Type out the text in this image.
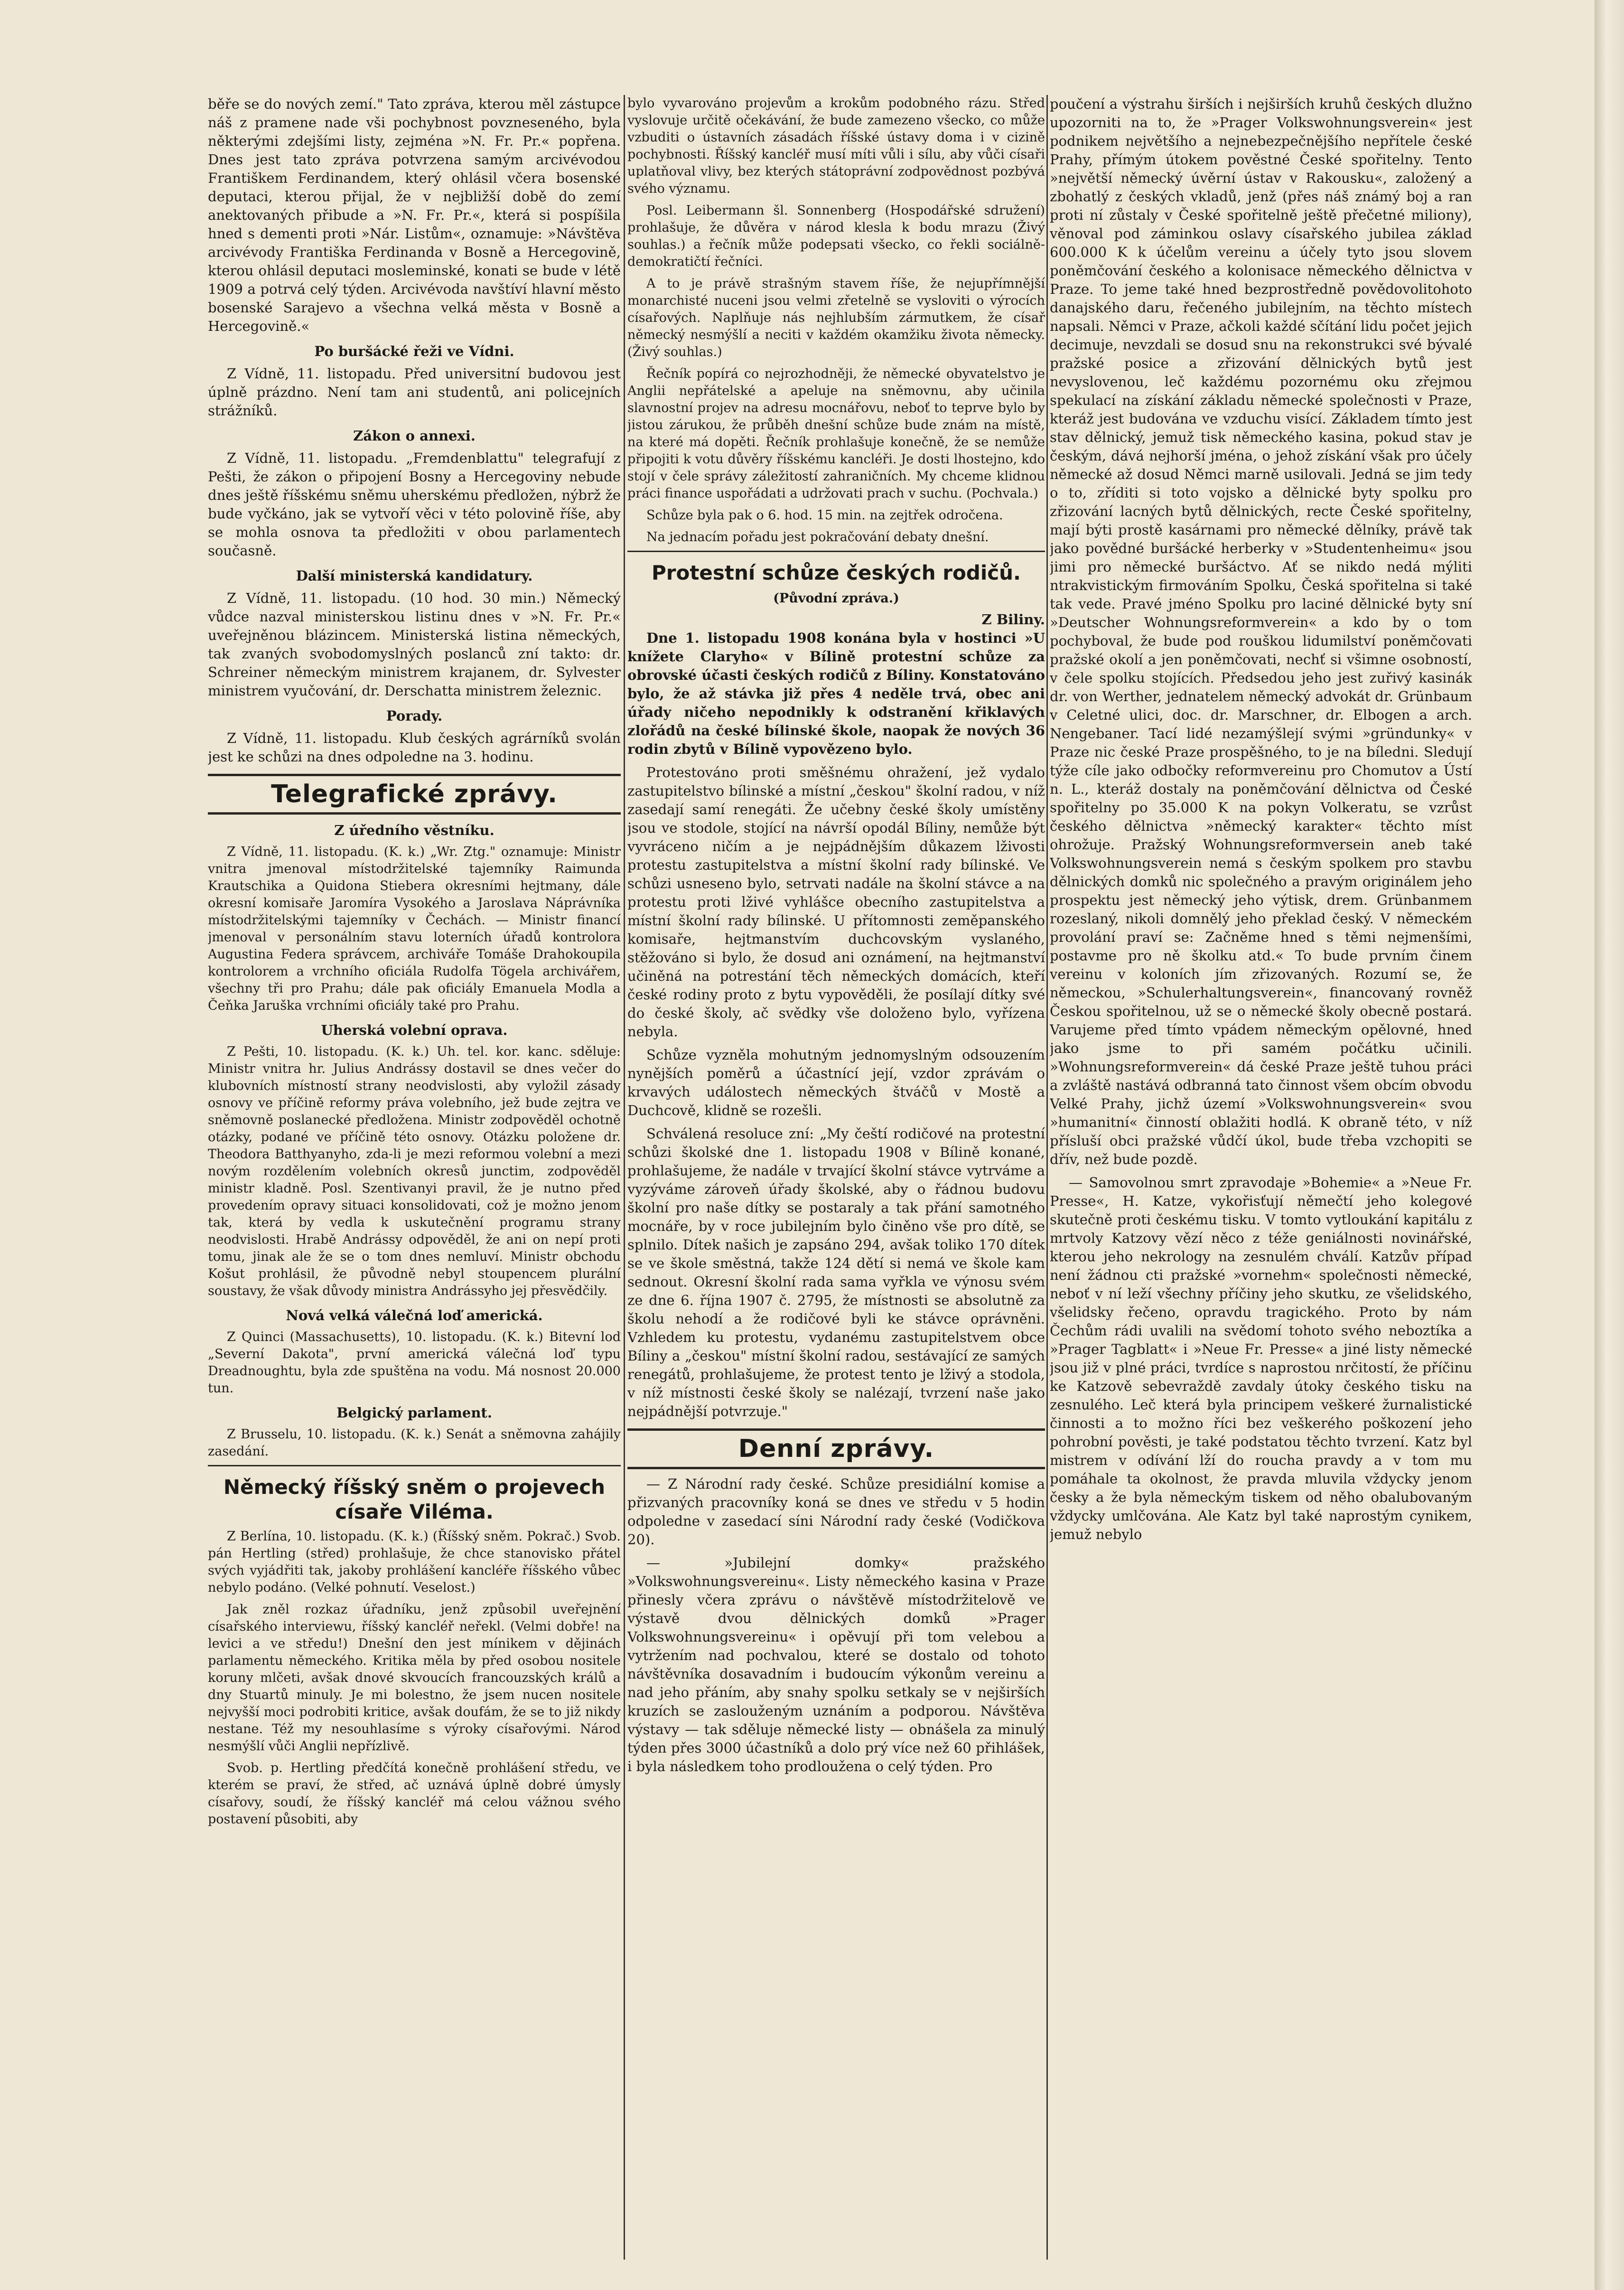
běře se do nových zemí." Tato zpráva, kterou měl zástupce náš z pramene nade vši pochybnost povzneseného, byla některými zdejšími listy, zejména »N. Fr. Pr.« popřena. Dnes jest tato zpráva potvrzena samým arcivévodou Františkem Ferdinandem, který ohlásil včera bosenské deputaci, kterou přijal, že v nejbližší době do zemí anektovaných přibude a »N. Fr. Pr.«, která si pospíšila hned s dementi proti »Nár. Listům«, oznamuje: »Návštěva arcivévody Františka Ferdinanda v Bosně a Hercegovině, kterou ohlásil deputaci mosleminské, konati se bude v létě 1909 a potrvá celý týden. Arcivévoda navštíví hlavní město bosenské Sarajevo a všechna velká města v Bosně a Hercegovině.«

Po buršácké řeži ve Vídni.

Z Vídně, 11. listopadu. Před universitní budovou jest úplně prázdno. Není tam ani studentů, ani policejních strážníků.

Zákon o annexi.

Z Vídně, 11. listopadu. „Fremdenblattu" telegrafují z Pešti, že zákon o připojení Bosny a Hercegoviny nebude dnes ještě říšskému sněmu uherskému předložen, nýbrž že bude vyčkáno, jak se vytvoří věci v této polovině říše, aby se mohla osnova ta předložiti v obou parlamentech současně.

Další ministerská kandidatury.

Z Vídně, 11. listopadu. (10 hod. 30 min.) Německý vůdce nazval ministerskou listinu dnes v »N. Fr. Pr.« uveřejněnou blázincem. Ministerská listina německých, tak zvaných svobodomyslných poslanců zní takto: dr. Schreiner německým ministrem krajanem, dr. Sylvester ministrem vyučování, dr. Derschatta ministrem železnic.

Porady.

Z Vídně, 11. listopadu. Klub českých agrárníků svolán jest ke schůzi na dnes odpoledne na 3. hodinu.

Telegrafické zprávy.
Z úředního věstníku.

Z Vídně, 11. listopadu. (K. k.) „Wr. Ztg." oznamuje: Ministr vnitra jmenoval místodržitelské tajemníky Raimunda Krautschika a Quidona Stiebera okresními hejtmany, dále okresní komisaře Jaromíra Vysokého a Jaroslava Náprávníka místodržitelskými tajemníky v Čechách. — Ministr financí jmenoval v personálním stavu loterních úřadů kontrolora Augustina Federa správcem, archiváře Tomáše Drahokoupila kontrolorem a vrchního oficiála Rudolfa Tögela archivářem, všechny tři pro Prahu; dále pak oficiály Emanuela Modla a Čeňka Jaruška vrchními oficiály také pro Prahu.

Uherská volební oprava.

Z Pešti, 10. listopadu. (K. k.) Uh. tel. kor. kanc. sděluje: Ministr vnitra hr. Julius Andrássy dostavil se dnes večer do klubovních místností strany neodvislosti, aby vyložil zásady osnovy ve příčině reformy práva volebního, jež bude zejtra ve sněmovně poslanecké předložena. Ministr zodpověděl ochotně otázky, podané ve příčině této osnovy. Otázku položene dr. Theodora Batthyanyho, zda-li je mezi reformou volební a mezi novým rozdělením volebních okresů junctim, zodpověděl ministr kladně. Posl. Szentivanyi pravil, že je nutno před provedením opravy situaci konsolidovati, což je možno jenom tak, která by vedla k uskutečnění programu strany neodvislosti. Hrabě Andrássy odpověděl, že ani on nepí proti tomu, jinak ale že se o tom dnes nemluví. Ministr obchodu Košut prohlásil, že původně nebyl stoupencem plurální soustavy, že však důvody ministra Andrássyho jej přesvědčily.

Nová velká válečná loď americká.

Z Quinci (Massachusetts), 10. listopadu. (K. k.) Bitevní loď „Severní Dakota", první americká válečná loď typu Dreadnoughtu, byla zde spuštěna na vodu. Má nosnost 20.000 tun.

Belgický parlament.

Z Brusselu, 10. listopadu. (K. k.) Senát a sněmovna zahájily zasedání.

Německý říšský sněm o projevech císaře Viléma.

Z Berlína, 10. listopadu. (K. k.) (Říšský sněm. Pokrač.) Svob. pán Hertling (střed) prohlašuje, že chce stanovisko přátel svých vyjádřiti tak, jakoby prohlášení kancléře říšského vůbec nebylo podáno. (Velké pohnutí. Veselost.)

Jak zněl rozkaz úřadníku, jenž způsobil uveřejnění císařského interviewu, říšský kancléř neřekl. (Velmi dobře! na levici a ve středu!) Dnešní den jest mínikem v dějinách parlamentu německého. Kritika měla by před osobou nositele koruny mlčeti, avšak dnové skvoucích francouzských králů a dny Stuartů minuly. Je mi bolestno, že jsem nucen nositele nejvyšší moci podrobiti kritice, avšak doufám, že se to již nikdy nestane. Též my nesouhlasíme s výroky císařovými. Národ nesmýšlí vůči Anglii nepřízlivě.

Svob. p. Hertling předčítá konečně prohlášení středu, ve kterém se praví, že střed, ač uznává úplně dobré úmysly císařovy, soudí, že říšský kancléř má celou vážnou svého postavení působiti, aby

bylo vyvarováno projevům a krokům podobného rázu. Střed vyslovuje určitě očekávání, že bude zamezeno všecko, co může vzbuditi o ústavních zásadách říšské ústavy doma i v cizině pochybnosti. Říšský kancléř musí míti vůli i sílu, aby vůči císaři uplatňoval vlivy, bez kterých státoprávní zodpovědnost pozbývá svého významu.

Posl. Leibermann šl. Sonnenberg (Hospodářské sdružení) prohlašuje, že důvěra v národ klesla k bodu mrazu (Živý souhlas.) a řečník může podepsati všecko, co řekli sociálně-demokratičtí řečníci.

A to je právě strašným stavem říše, že nejupřímnější monarchisté nuceni jsou velmi zřetelně se vysloviti o výrocích císařových. Naplňuje nás nejhlubším zármutkem, že císař německý nesmýšlí a neciti v každém okamžiku života německy. (Živý souhlas.)

Řečník popírá co nejrozhodněji, že německé obyvatelstvo je Anglii nepřátelské a apeluje na sněmovnu, aby učinila slavnostní projev na adresu mocnářovu, neboť to teprve bylo by jistou zárukou, že průběh dnešní schůze bude znám na místě, na které má dopěti. Řečník prohlašuje konečně, že se nemůže připojiti k votu důvěry říšskému kancléři. Je dosti lhostejno, kdo stojí v čele správy záležitostí zahraničních. My chceme klidnou práci finance uspořádati a udržovati prach v suchu. (Pochvala.)

Schůze byla pak o 6. hod. 15 min. na zejtřek odročena.

Na jednacím pořadu jest pokračování debaty dnešní.

Protestní schůze českých rodičů.
(Původní zpráva.)
Z Biliny.

Dne 1. listopadu 1908 konána byla v hostinci »U knížete Claryho« v Bílině protestní schůze za obrovské účasti českých rodičů z Bíliny. Konstatováno bylo, že až stávka již přes 4 neděle trvá, obec ani úřady ničeho nepodnikly k odstranění křiklavých zlořádů na české bílinské škole, naopak že nových 36 rodin zbytů v Bílině vypovězeno bylo.

Protestováno proti směšnému ohražení, jež vydalo zastupitelstvo bílinské a místní „českou" školní radou, v níž zasedají samí renegáti. Že učebny české školy umístěny jsou ve stodole, stojící na návrší opodál Bíliny, nemůže být vyvráceno ničím a je nejpádnějším důkazem lživosti protestu zastupitelstva a místní školní rady bílinské. Ve schůzi usneseno bylo, setrvati nadále na školní stávce a na protestu proti lživé vyhlášce obecního zastupitelstva a místní školní rady bílinské. U přítomnosti zeměpanského komisaře, hejtmanstvím duchcovským vyslaného, stěžováno si bylo, že dosud ani oznámení, na hejtmanství učiněná na potrestání těch německých domácích, kteří české rodiny proto z bytu vypověděli, že posílají dítky své do české školy, ač svědky vše doloženo bylo, vyřízena nebyla.

Schůze vyzněla mohutným jednomyslným odsouzením nynějších poměrů a účastnící její, vzdor zprávám o krvavých událostech německých štváčů v Mostě a Duchcově, klidně se rozešli.

Schválená resoluce zní: „My čeští rodičové na protestní schůzi školské dne 1. listopadu 1908 v Bílině konané, prohlašujeme, že nadále v trvající školní stávce vytrváme a vyzýváme zároveň úřady školské, aby o řádnou budovu školní pro naše dítky se postaraly a tak přání samotného mocnáře, by v roce jubilejním bylo činěno vše pro dítě, se splnilo. Dítek našich je zapsáno 294, avšak toliko 170 dítek se ve škole směstná, takže 124 dětí si nemá ve škole kam sednout. Okresní školní rada sama vyřkla ve výnosu svém ze dne 6. října 1907 č. 2795, že místnosti se absolutně za školu nehodí a že rodičové byli ke stávce oprávněni. Vzhledem ku protestu, vydanému zastupitelstvem obce Bíliny a „českou" místní školní radou, sestávající ze samých renegátů, prohlašujeme, že protest tento je lživý a stodola, v níž místnosti české školy se nalézají, tvrzení naše jako nejpádnější potvrzuje."

Denní zprávy.

— Z Národní rady české. Schůze presidiální komise a přizvaných pracovníky koná se dnes ve středu v 5 hodin odpoledne v zasedací síni Národní rady české (Vodičkova 20).

— »Jubilejní domky« pražského »Volkswohnungsvereinu«. Listy německého kasina v Praze přinesly včera zprávu o návštěvě místodržitelově ve výstavě dvou dělnických domků »Prager Volkswohnungsvereinu« i opěvují při tom velebou a vytržením nad pochvalou, které se dostalo od tohoto návštěvníka dosavadním i budoucím výkonům vereinu a nad jeho přáním, aby snahy spolku setkaly se v nejširších kruzích se zaslouženým uznáním a podporou. Návštěva výstavy — tak sděluje německé listy — obnášela za minulý týden přes 3000 účastníků a dolo prý více než 60 přihlášek, i byla následkem toho prodloužena o celý týden. Pro

poučení a výstrahu širších i nejširších kruhů českých dlužno upozorniti na to, že »Prager Volkswohnungsverein« jest podnikem největšího a nejnebezpečnějšího nepřítele české Prahy, přímým útokem pověstné České spořitelny. Tento »největší německý úvěrní ústav v Rakousku«, založený a zbohatlý z českých vkladů, jenž (přes náš známý boj a ran proti ní zůstaly v České spořitelně ještě přečetné miliony), věnoval pod záminkou oslavy císařského jubilea základ 600.000 K k účelům vereinu a účely tyto jsou slovem poněmčování českého a kolonisace německého dělnictva v Praze. To jeme také hned bezprostředně povědovolitohoto danajského daru, řečeného jubilejním, na těchto místech napsali. Němci v Praze, ačkoli každé sčítání lidu počet jejich decimuje, nevzdali se dosud snu na rekonstrukci své bývalé pražské posice a zřizování dělnických bytů jest nevyslovenou, leč každému pozornému oku zřejmou spekulací na získání základu německé společnosti v Praze, kteráž jest budována ve vzduchu visící. Základem tímto jest stav dělnický, jemuž tisk německého kasina, pokud stav je českým, dává nejhorší jména, o jehož získání však pro účely německé až dosud Němci marně usilovali. Jedná se jim tedy o to, zříditi si toto vojsko a dělnické byty spolku pro zřizování lacných bytů dělnických, recte České spořitelny, mají býti prostě kasárnami pro německé dělníky, právě tak jako povědné buršácké herberky v »Studentenheimu« jsou jimi pro německé buršáctvo. Ať se nikdo nedá mýliti ntrakvistickým firmováním Spolku, Česká spořitelna si také tak vede. Pravé jméno Spolku pro laciné dělnické byty sní »Deutscher Wohnungsreformverein« a kdo by o tom pochyboval, že bude pod rouškou lidumilství poněmčovati pražské okolí a jen poněmčovati, nechť si všimne osobností, v čele spolku stojících. Předsedou jeho jest zuřivý kasinák dr. von Werther, jednatelem německý advokát dr. Grünbaum v Celetné ulici, doc. dr. Marschner, dr. Elbogen a arch. Nengebaner. Tací lidé nezamýšlejí svými »gründunky« v Praze nic české Praze prospěšného, to je na bíledni. Sledují týže cíle jako odbočky reformvereinu pro Chomutov a Ústí n. L., kteráž dostaly na poněmčování dělnictva od České spořitelny po 35.000 K na pokyn Volkeratu, se vzrůst českého dělnictva »německý karakter« těchto míst ohrožuje. Pražský Wohnungsreformversein aneb také Volkswohnungsverein nemá s českým spolkem pro stavbu dělnických domků nic společného a pravým originálem jeho prospektu jest německý jeho výtisk, drem. Grünbanmem rozeslaný, nikoli domnělý jeho překlad český. V německém provolání praví se: Začněme hned s těmi nejmenšími, postavme pro ně školku atd.« To bude prvním činem vereinu v koloních jím zřizovaných. Rozumí se, že německou, »Schulerhaltungsverein«, financovaný rovněž Českou spořitelnou, už se o německé školy obecně postará. Varujeme před tímto vpádem německým opělovné, hned jako jsme to při samém počátku učinili. »Wohnungsreformverein« dá české Praze ještě tuhou práci a zvláště nastává odbranná tato činnost všem obcím obvodu Velké Prahy, jichž území »Volkswohnungsverein« svou »humanitní« činností oblažiti hodlá. K obraně této, v níž přísluší obci pražské vůdčí úkol, bude třeba vzchopiti se dřív, než bude pozdě.

— Samovolnou smrt zpravodaje »Bohemie« a »Neue Fr. Presse«, H. Katze, vykořisťují němečtí jeho kolegové skutečně proti českému tisku. V tomto vytloukání kapitálu z mrtvoly Katzovy vězí něco z téže geniálnosti novinářské, kterou jeho nekrology na zesnulém chválí. Katzův případ není žádnou cti pražské »vornehm« společnosti německé, neboť v ní leží všechny příčiny jeho skutku, ze všelidského, všelidsky řečeno, opravdu tragického. Proto by nám Čechům rádi uvalili na svědomí tohoto svého neboztíka a »Prager Tagblatt« i »Neue Fr. Presse« a jiné listy německé jsou již v plné práci, tvrdíce s naprostou nrčitostí, že příčinu ke Katzově sebevraždě zavdaly útoky českého tisku na zesnulého. Leč která byla principem veškeré žurnalistické činnosti a to možno říci bez veškerého poškození jeho pohrobní pověsti, je také podstatou těchto tvrzení. Katz byl mistrem v odívání lží do roucha pravdy a v tom mu pomáhale ta okolnost, že pravda mluvila vždycky jenom česky a že byla německým tiskem od něho obalubovaným vždycky umlčována. Ale Katz byl také naprostým cynikem, jemuž nebylo
